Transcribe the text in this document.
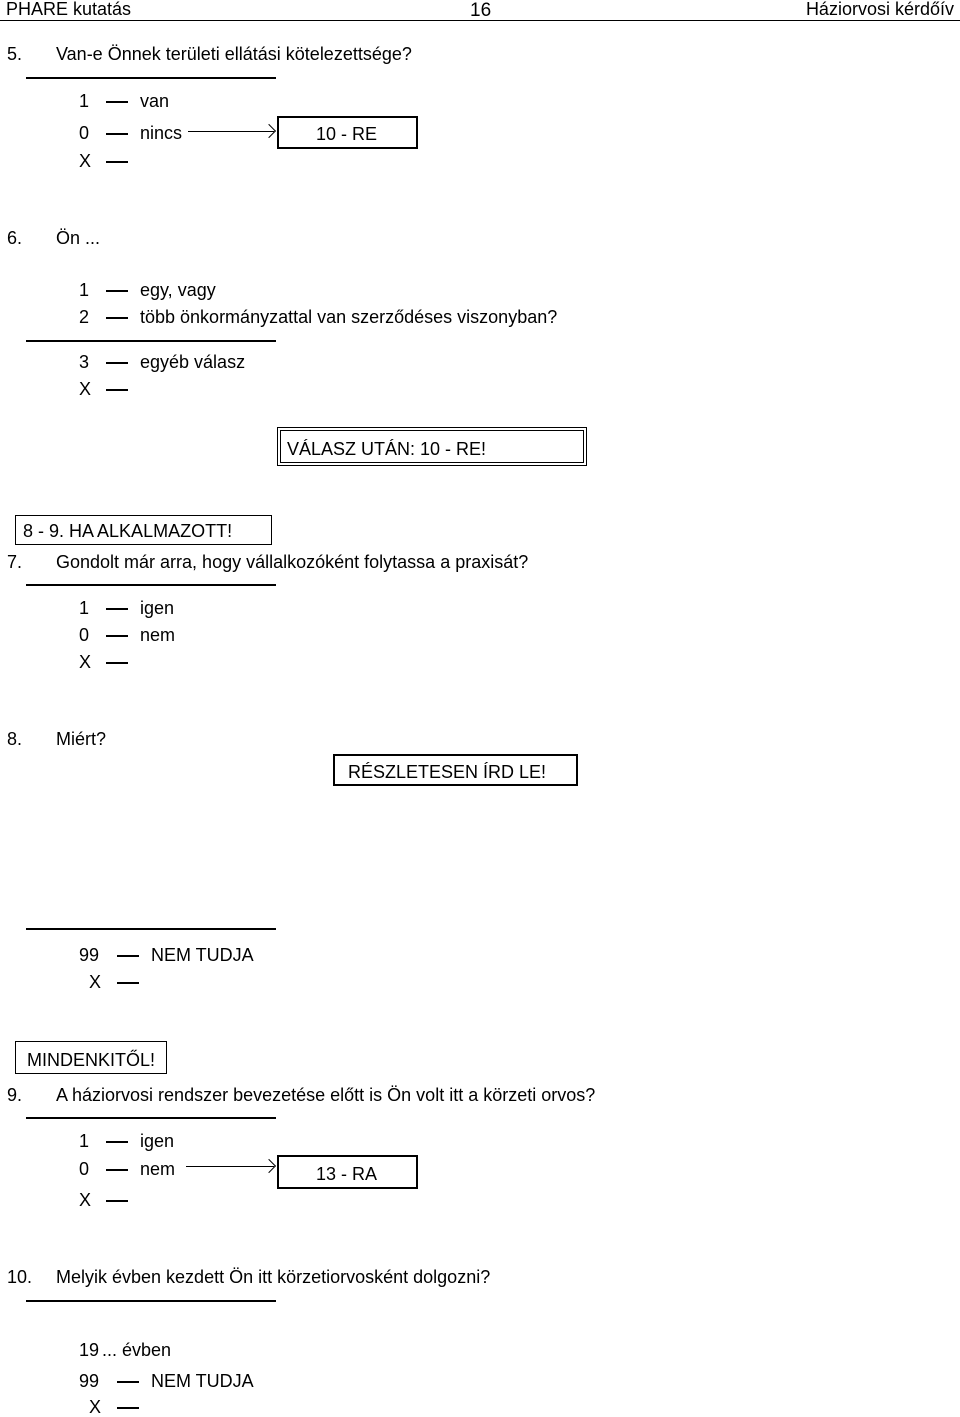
PHARE kutatás	16	Háziorvosi kérdőív
5. Van-e Önnek területi ellátási kötelezettsége?
1	van
0	nincs	10 - RE
X
6. Ön ...
1	egy, vagy
2	több önkormányzattal van szerződéses viszonyban?
3	egyéb válasz
X
VÁLASZ UTÁN: 10 - RE!
8 - 9. HA ALKALMAZOTT!
7. Gondolt már arra, hogy vállalkozóként folytassa a praxisát?
1	igen
0	nem
X
8. Miért?
RÉSZLETESEN ÍRD LE!
99	NEM TUDJA
X
MINDENKITŐL!
9. A háziorvosi rendszer bevezetése előtt is Ön volt itt a körzeti orvos?
1	igen
0	nem	13 - RA
X
10. Melyik évben kezdett Ön itt körzetiorvosként dolgozni?
19 ... évben
99	NEM TUDJA
X
